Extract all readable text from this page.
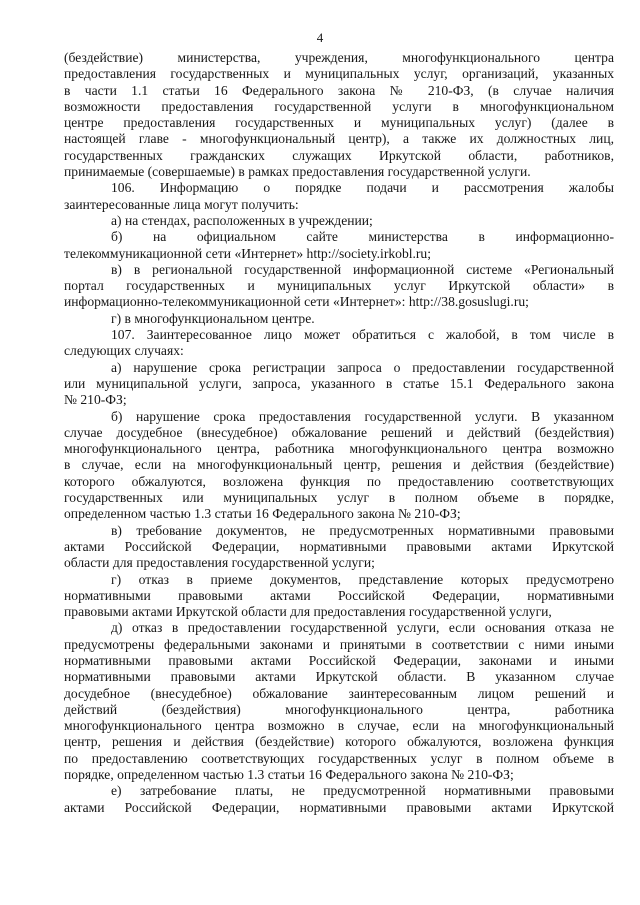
4
(бездействие) министерства, учреждения, многофункционального центра
предоставления государственных и муниципальных услуг, организаций, указанных
в части 1.1 статьи 16 Федерального закона № 210-ФЗ, (в случае наличия
возможности предоставления государственной услуги в многофункциональном
центре предоставления государственных и муниципальных услуг) (далее в
настоящей главе - многофункциональный центр), а также их должностных лиц,
государственных гражданских служащих Иркутской области, работников,
принимаемые (совершаемые) в рамках предоставления государственной услуги.
106. Информацию о порядке подачи и рассмотрения жалобы
заинтересованные лица могут получить:
а) на стендах, расположенных в учреждении;
б) на официальном сайте министерства в информационно-
телекоммуникационной сети «Интернет» http://society.irkobl.ru;
в) в региональной государственной информационной системе «Региональный
портал государственных и муниципальных услуг Иркутской области» в
информационно-телекоммуникационной сети «Интернет»: http://38.gosuslugi.ru;
г) в многофункциональном центре.
107. Заинтересованное лицо может обратиться с жалобой, в том числе в
следующих случаях:
а) нарушение срока регистрации запроса о предоставлении государственной
или муниципальной услуги, запроса, указанного в статье 15.1 Федерального закона
№ 210-ФЗ;
б) нарушение срока предоставления государственной услуги. В указанном
случае досудебное (внесудебное) обжалование решений и действий (бездействия)
многофункционального центра, работника многофункционального центра возможно
в случае, если на многофункциональный центр, решения и действия (бездействие)
которого обжалуются, возложена функция по предоставлению соответствующих
государственных или муниципальных услуг в полном объеме в порядке,
определенном частью 1.3 статьи 16 Федерального закона № 210-ФЗ;
в) требование документов, не предусмотренных нормативными правовыми
актами Российской Федерации, нормативными правовыми актами Иркутской
области для предоставления государственной услуги;
г) отказ в приеме документов, представление которых предусмотрено
нормативными правовыми актами Российской Федерации, нормативными
правовыми актами Иркутской области для предоставления государственной услуги,
д) отказ в предоставлении государственной услуги, если основания отказа не
предусмотрены федеральными законами и принятыми в соответствии с ними иными
нормативными правовыми актами Российской Федерации, законами и иными
нормативными правовыми актами Иркутской области. В указанном случае
досудебное (внесудебное) обжалование заинтересованным лицом решений и
действий (бездействия) многофункционального центра, работника
многофункционального центра возможно в случае, если на многофункциональный
центр, решения и действия (бездействие) которого обжалуются, возложена функция
по предоставлению соответствующих государственных услуг в полном объеме в
порядке, определенном частью 1.3 статьи 16 Федерального закона № 210-ФЗ;
е) затребование платы, не предусмотренной нормативными правовыми
актами Российской Федерации, нормативными правовыми актами Иркутской
